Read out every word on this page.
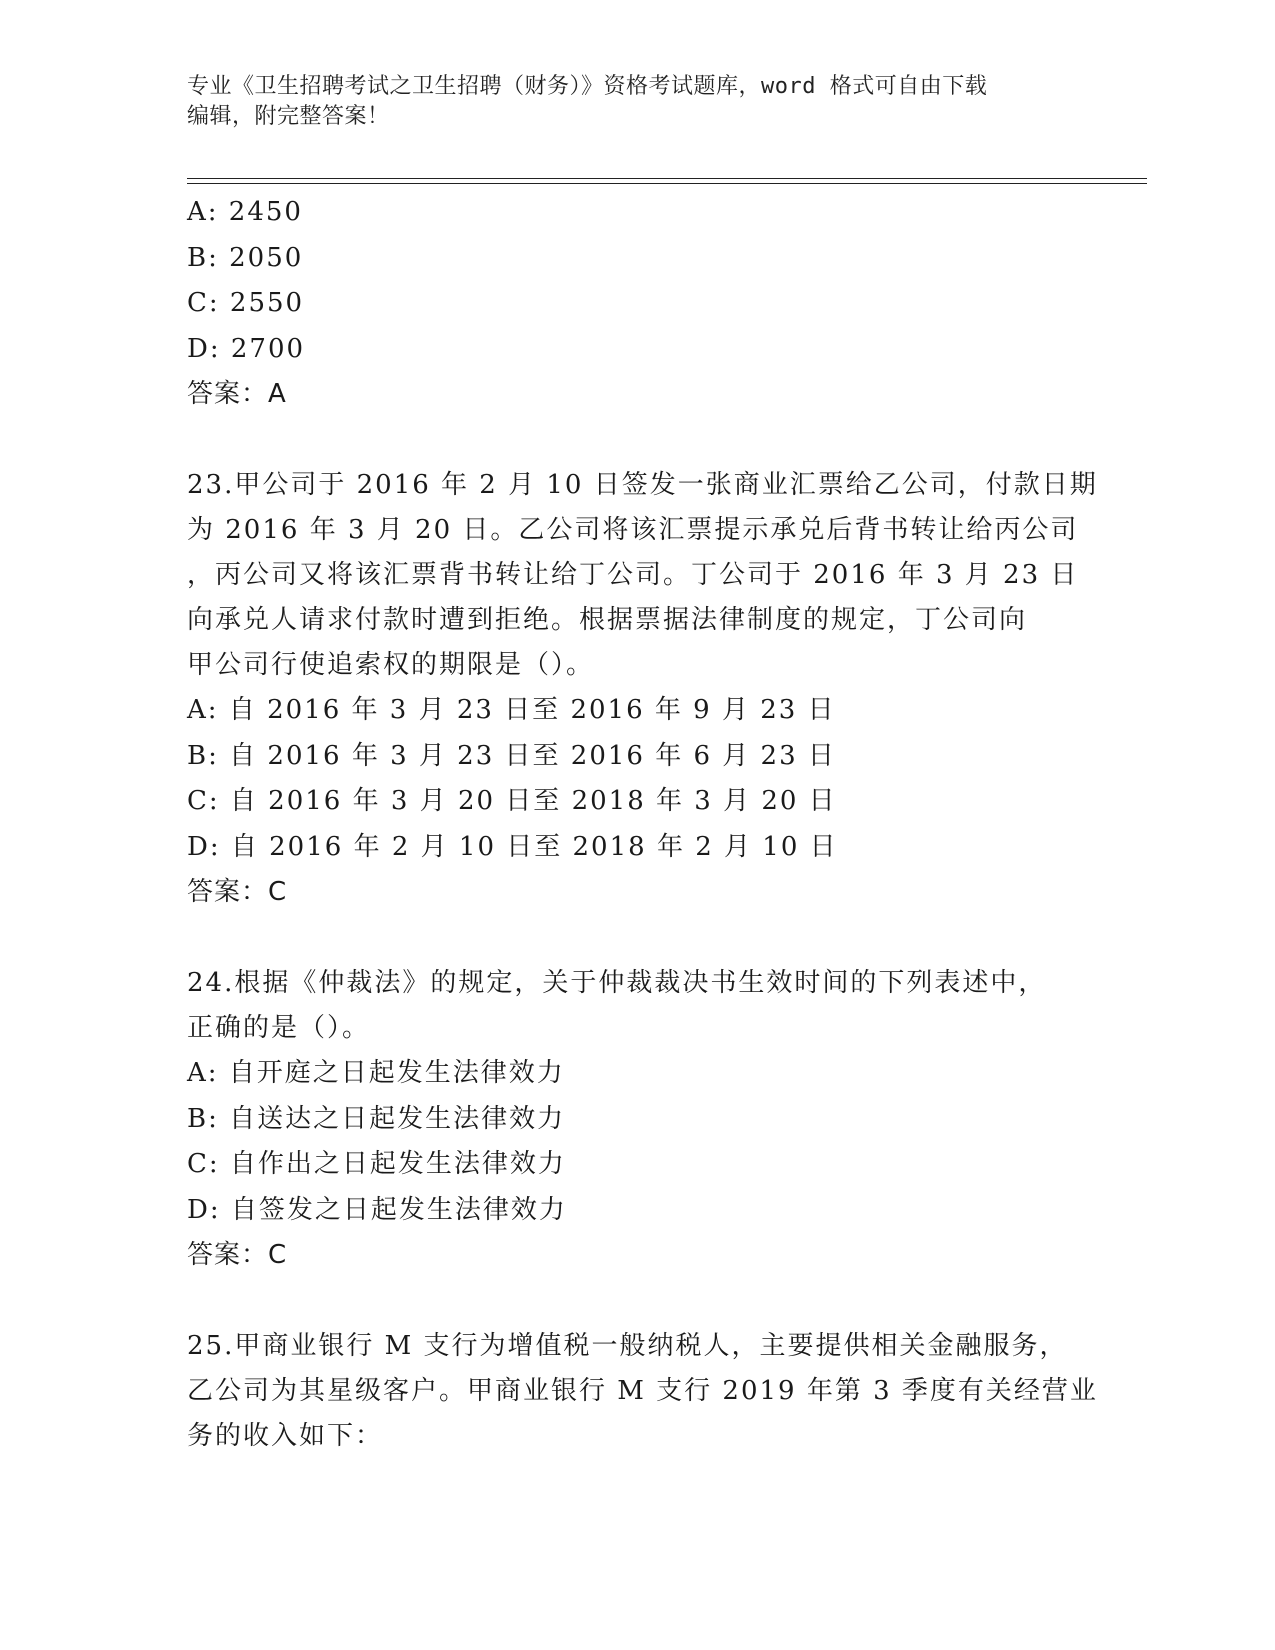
专业《卫生招聘考试之卫生招聘（财务）》资格考试题库，word 格式可自由下载
编辑，附完整答案！
A: 2450
B: 2050
C: 2550
D: 2700
答案：A
23.甲公司于 2016 年 2 月 10 日签发一张商业汇票给乙公司，付款日期
为 2016 年 3 月 20 日。乙公司将该汇票提示承兑后背书转让给丙公司
，丙公司又将该汇票背书转让给丁公司。丁公司于 2016 年 3 月 23 日
向承兑人请求付款时遭到拒绝。根据票据法律制度的规定，丁公司向
甲公司行使追索权的期限是（）。
A: 自 2016 年 3 月 23 日至 2016 年 9 月 23 日
B: 自 2016 年 3 月 23 日至 2016 年 6 月 23 日
C: 自 2016 年 3 月 20 日至 2018 年 3 月 20 日
D: 自 2016 年 2 月 10 日至 2018 年 2 月 10 日
答案：C
24.根据《仲裁法》的规定，关于仲裁裁决书生效时间的下列表述中，
正确的是（）。
A: 自开庭之日起发生法律效力
B: 自送达之日起发生法律效力
C: 自作出之日起发生法律效力
D: 自签发之日起发生法律效力
答案：C
25.甲商业银行 M 支行为增值税一般纳税人，主要提供相关金融服务，
乙公司为其星级客户。甲商业银行 M 支行 2019 年第 3 季度有关经营业
务的收入如下：
